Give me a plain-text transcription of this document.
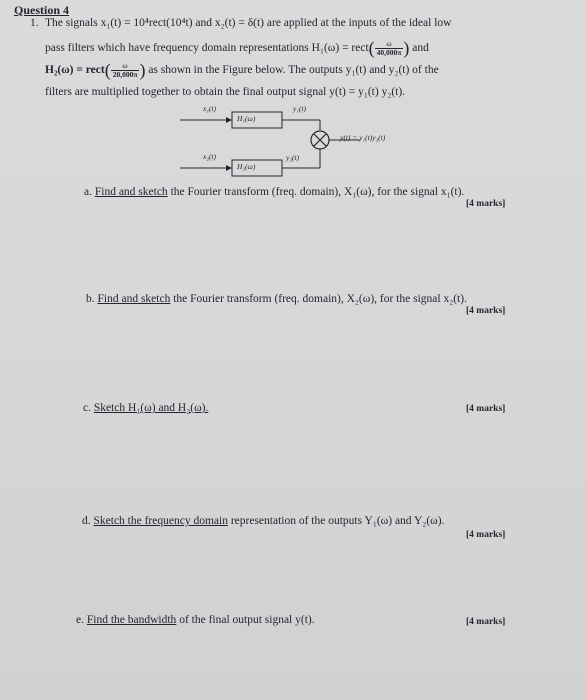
Question 4
1. The signals x₁(t) = 10⁴rect(10⁴t) and x₂(t) = δ(t) are applied at the inputs of the ideal low
pass filters which have frequency domain representations H₁(ω) = rect( $\frac{\omega}{40,000\pi}$ ) and
H₂(ω) = rect( $\frac{\omega}{20,000\pi}$ ) as shown in the Figure below. The outputs y₁(t) and y₂(t) of the
filters are multiplied together to obtain the final output signal y(t) = y₁(t) y₂(t).
x₁(t)
H₁(ω)
y₁(t)
y(t) = y₁(t)y₂(t)
x₂(t)
H₂(ω)
y₂(t)
a. Find and sketch the Fourier transform (freq. domain), X₁(ω), for the signal x₁(t).
[4 marks]
b. Find and sketch the Fourier transform (freq. domain), X₂(ω), for the signal x₂(t).
[4 marks]
c. Sketch H₁(ω) and H₂(ω).	[4 marks]
d. Sketch the frequency domain representation of the outputs Y₁(ω) and Y₂(ω).
[4 marks]
e. Find the bandwidth of the final output signal y(t).	[4 marks]
